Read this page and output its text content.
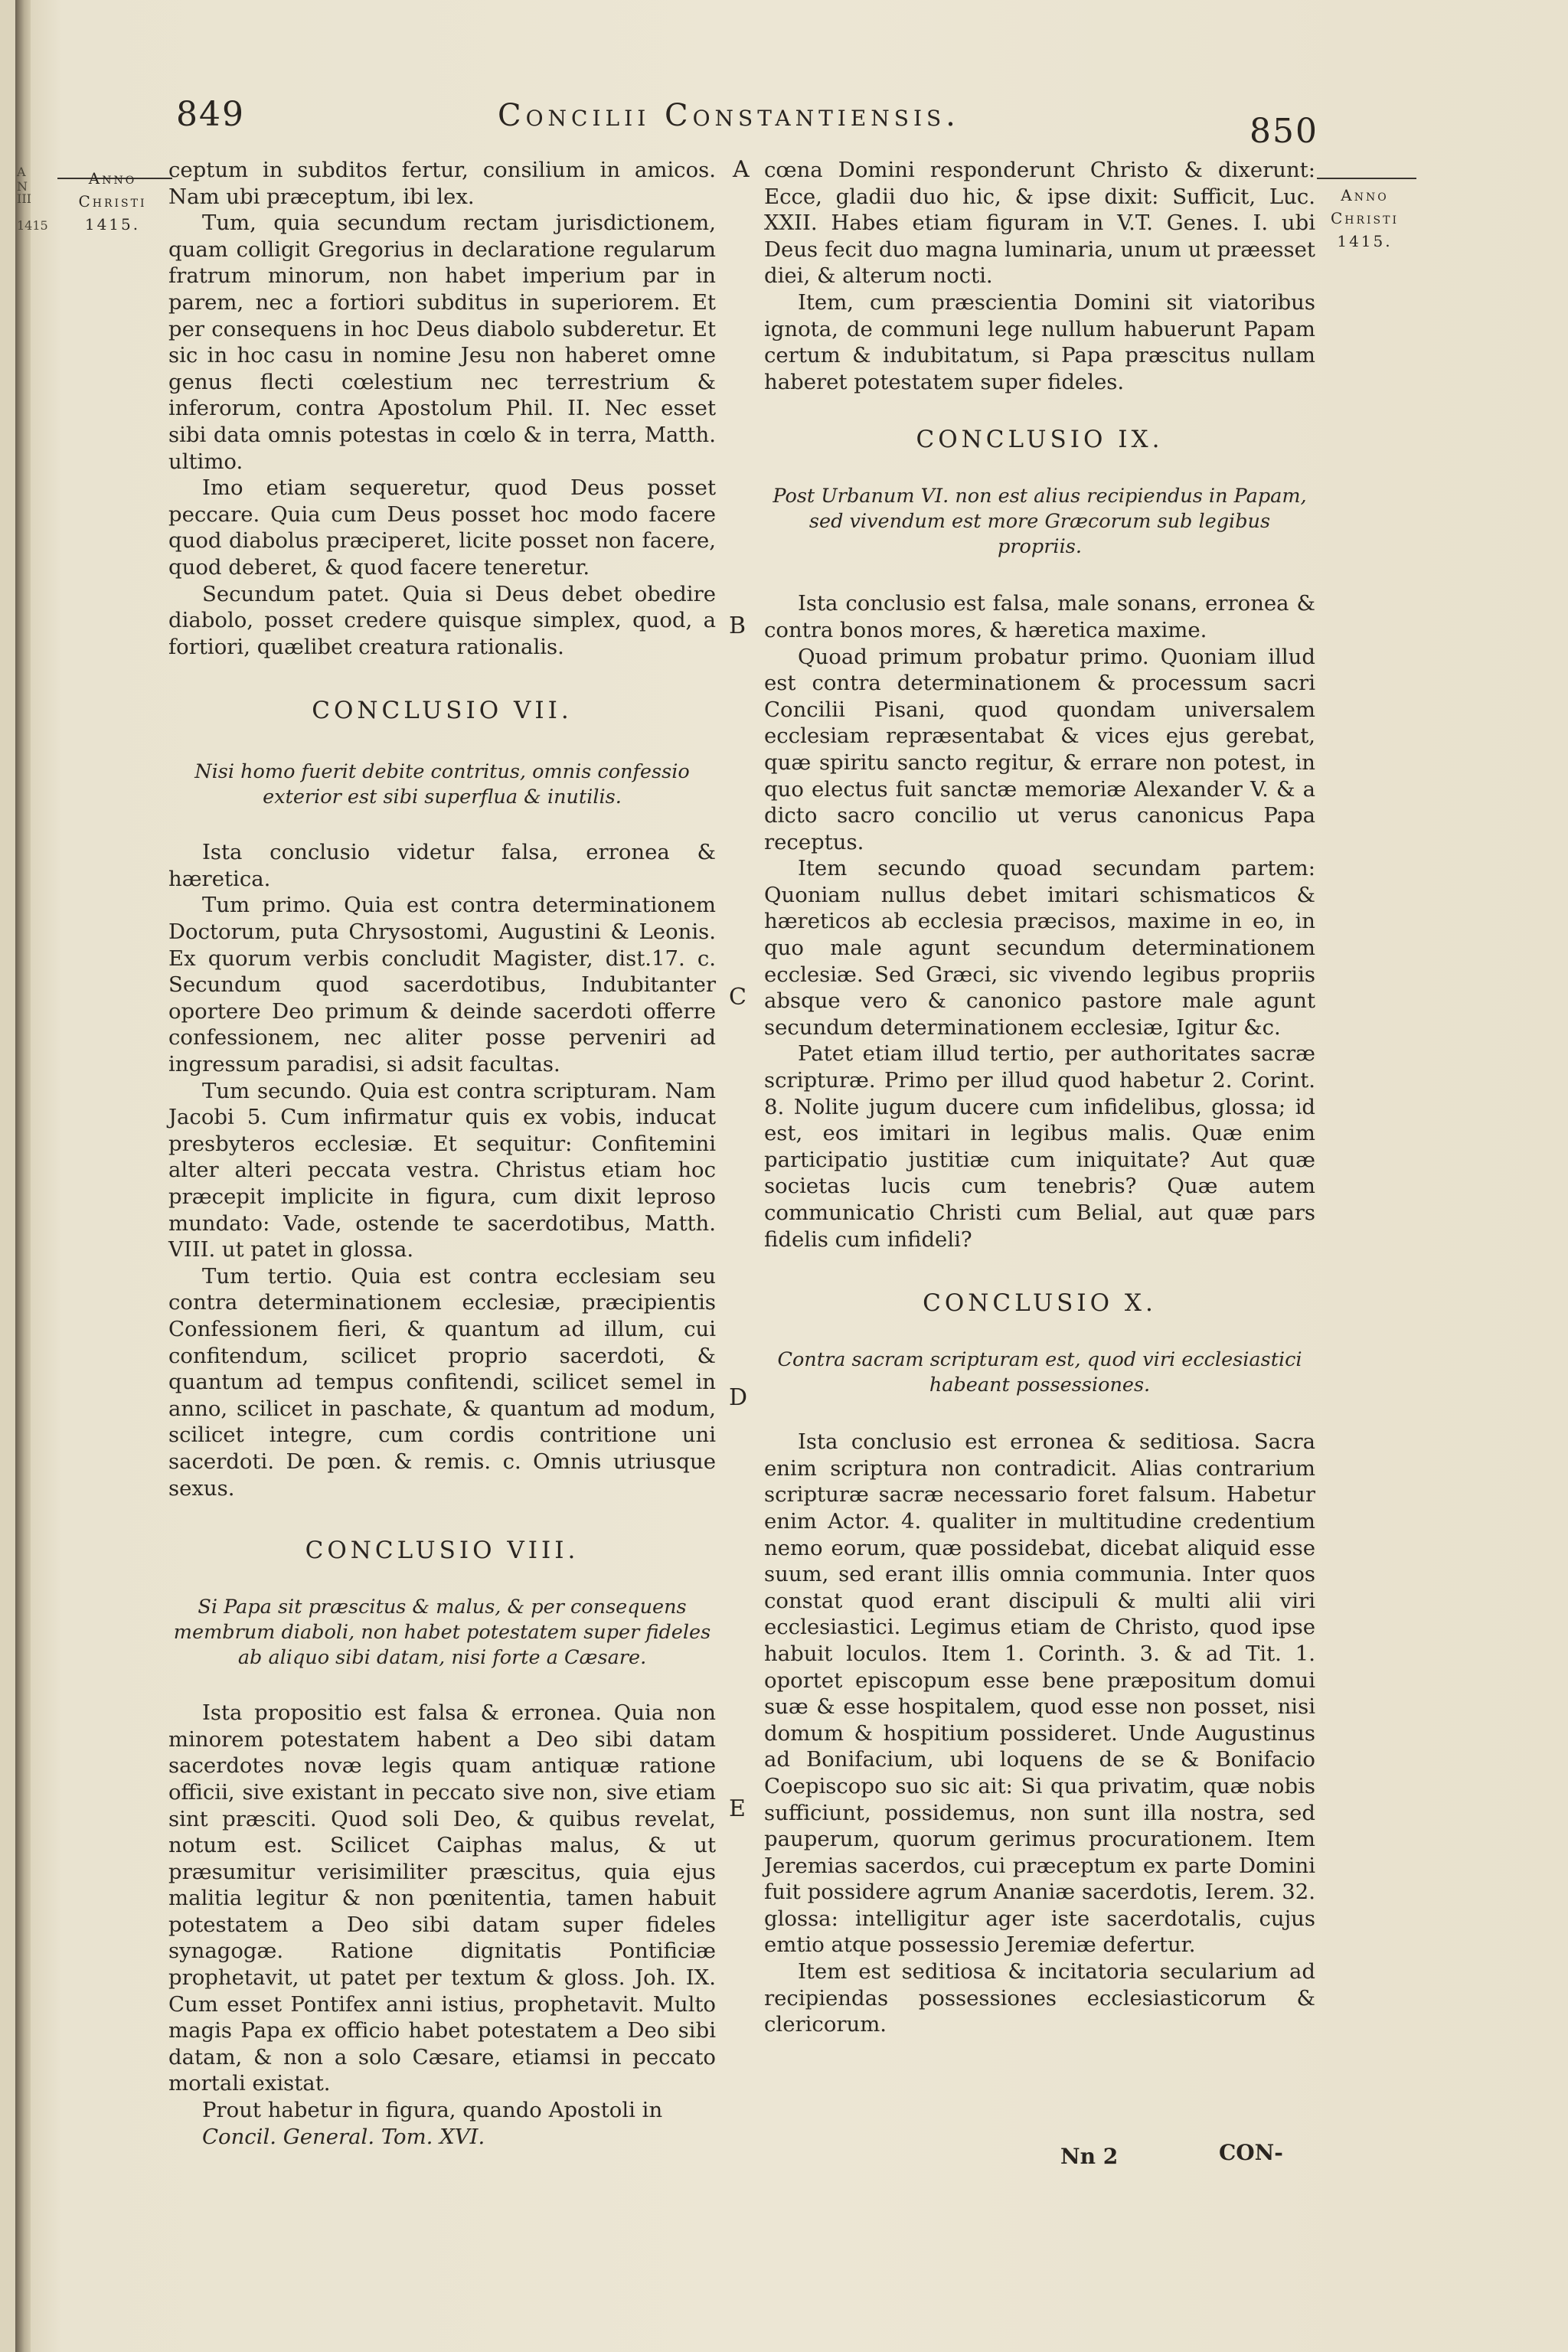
A N
III
1415
849	Concilii Constantiensis.	850
Anno
Christi
1415.
Anno
Christi
1415.
A
B
C
D
E

ceptum in subditos fertur, consilium in amicos. Nam ubi præceptum, ibi lex.

Tum, quia secundum rectam jurisdictionem, quam colligit Gregorius in declaratione regularum fratrum minorum, non habet imperium par in parem, nec a fortiori subditus in superiorem. Et per consequens in hoc Deus diabolo subderetur. Et sic in hoc casu in nomine Jesu non haberet omne genus flecti cœlestium nec terrestrium & inferorum, contra Apostolum Phil. II. Nec esset sibi data omnis potestas in cœlo & in terra, Matth. ultimo.

Imo etiam sequeretur, quod Deus posset peccare. Quia cum Deus posset hoc modo facere quod diabolus præciperet, licite posset non facere, quod deberet, & quod facere teneretur.

Secundum patet. Quia si Deus debet obedire diabolo, posset credere quisque simplex, quod, a fortiori, quælibet creatura rationalis.

CONCLUSIO VII.

Nisi homo fuerit debite contritus, omnis confessio exterior est sibi superflua & inutilis.

Ista conclusio videtur falsa, erronea & hæretica.

Tum primo. Quia est contra determinationem Doctorum, puta Chrysostomi, Augustini & Leonis. Ex quorum verbis concludit Magister, dist.17. c. Secundum quod sacerdotibus, Indubitanter oportere Deo primum & deinde sacerdoti offerre confessionem, nec aliter posse perveniri ad ingressum paradisi, si adsit facultas.

Tum secundo. Quia est contra scripturam. Nam Jacobi 5. Cum infirmatur quis ex vobis, inducat presbyteros ecclesiæ. Et sequitur: Confitemini alter alteri peccata vestra. Christus etiam hoc præcepit implicite in figura, cum dixit leproso mundato: Vade, ostende te sacerdotibus, Matth. VIII. ut patet in glossa.

Tum tertio. Quia est contra ecclesiam seu contra determinationem ecclesiæ, præcipientis Confessionem fieri, & quantum ad illum, cui confitendum, scilicet proprio sacerdoti, & quantum ad tempus confitendi, scilicet semel in anno, scilicet in paschate, & quantum ad modum, scilicet integre, cum cordis contritione uni sacerdoti. De pœn. & remis. c. Omnis utriusque sexus.

CONCLUSIO VIII.

Si Papa sit præscitus & malus, & per consequens membrum diaboli, non habet potestatem super fideles ab aliquo sibi datam, nisi forte a Cæsare.

Ista propositio est falsa & erronea. Quia non minorem potestatem habent a Deo sibi datam sacerdotes novæ legis quam antiquæ ratione officii, sive existant in peccato sive non, sive etiam sint præsciti. Quod soli Deo, & quibus revelat, notum est. Scilicet Caiphas malus, & ut præsumitur verisimiliter præscitus, quia ejus malitia legitur & non pœnitentia, tamen habuit potestatem a Deo sibi datam super fideles synagogæ. Ratione dignitatis Pontificiæ prophetavit, ut patet per textum & gloss. Joh. IX. Cum esset Pontifex anni istius, prophetavit. Multo magis Papa ex officio habet potestatem a Deo sibi datam, & non a solo Cæsare, etiamsi in peccato mortali existat.

Prout habetur in figura, quando Apostoli in

Concil. General. Tom. XVI.

cœna Domini responderunt Christo & dixerunt: Ecce, gladii duo hic, & ipse dixit: Sufficit, Luc. XXII. Habes etiam figuram in V.T. Genes. I. ubi Deus fecit duo magna luminaria, unum ut præesset diei, & alterum nocti.

Item, cum præscientia Domini sit viatoribus ignota, de communi lege nullum habuerunt Papam certum & indubitatum, si Papa præscitus nullam haberet potestatem super fideles.

CONCLUSIO IX.

Post Urbanum VI. non est alius recipiendus in Papam, sed vivendum est more Græcorum sub legibus propriis.

Ista conclusio est falsa, male sonans, erronea & contra bonos mores, & hæretica maxime.

Quoad primum probatur primo. Quoniam illud est contra determinationem & processum sacri Concilii Pisani, quod quondam universalem ecclesiam repræsentabat & vices ejus gerebat, quæ spiritu sancto regitur, & errare non potest, in quo electus fuit sanctæ memoriæ Alexander V. & a dicto sacro concilio ut verus canonicus Papa receptus.

Item secundo quoad secundam partem: Quoniam nullus debet imitari schismaticos & hæreticos ab ecclesia præcisos, maxime in eo, in quo male agunt secundum determinationem ecclesiæ. Sed Græci, sic vivendo legibus propriis absque vero & canonico pastore male agunt secundum determinationem ecclesiæ, Igitur &c.

Patet etiam illud tertio, per authoritates sacræ scripturæ. Primo per illud quod habetur 2. Corint. 8. Nolite jugum ducere cum infidelibus, glossa; id est, eos imitari in legibus malis. Quæ enim participatio justitiæ cum iniquitate? Aut quæ societas lucis cum tenebris? Quæ autem communicatio Christi cum Belial, aut quæ pars fidelis cum infideli?

CONCLUSIO X.

Contra sacram scripturam est, quod viri ecclesiastici habeant possessiones.

Ista conclusio est erronea & seditiosa. Sacra enim scriptura non contradicit. Alias contrarium scripturæ sacræ necessario foret falsum. Habetur enim Actor. 4. qualiter in multitudine credentium nemo eorum, quæ possidebat, dicebat aliquid esse suum, sed erant illis omnia communia. Inter quos constat quod erant discipuli & multi alii viri ecclesiastici. Legimus etiam de Christo, quod ipse habuit loculos. Item 1. Corinth. 3. & ad Tit. 1. oportet episcopum esse bene præpositum domui suæ & esse hospitalem, quod esse non posset, nisi domum & hospitium possideret. Unde Augustinus ad Bonifacium, ubi loquens de se & Bonifacio Coepiscopo suo sic ait: Si qua privatim, quæ nobis sufficiunt, possidemus, non sunt illa nostra, sed pauperum, quorum gerimus procurationem. Item Jeremias sacerdos, cui præceptum ex parte Domini fuit possidere agrum Ananiæ sacerdotis, Ierem. 32. glossa: intelligitur ager iste sacerdotalis, cujus emtio atque possessio Jeremiæ defertur.

Item est seditiosa & incitatoria secularium ad recipiendas possessiones ecclesiasticorum & clericorum.

Nn 2	CON-
